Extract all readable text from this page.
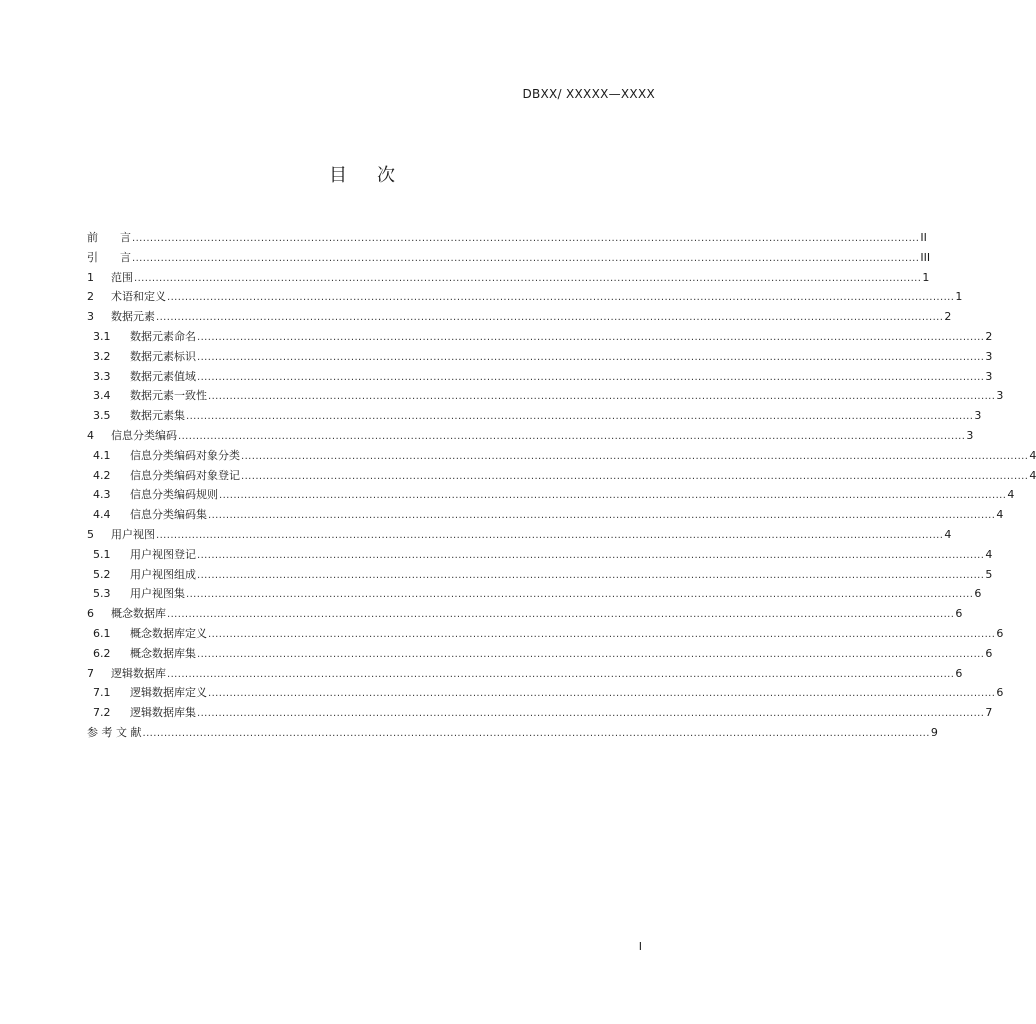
DBXX/ XXXXX—XXXX
目 次
前　　言 ............................................................................................................................................................................................................................ II
引　　言 ............................................................................................................................................................................................................................ III
1	范围 ............................................................................................................................................................................................................................ 1
2	术语和定义 ............................................................................................................................................................................................................................ 1
3	数据元素 ............................................................................................................................................................................................................................ 2
3.1	数据元素命名 ............................................................................................................................................................................................................................ 2
3.2	数据元素标识 ............................................................................................................................................................................................................................ 3
3.3	数据元素值域 ............................................................................................................................................................................................................................ 3
3.4	数据元素一致性 ............................................................................................................................................................................................................................ 3
3.5	数据元素集 ............................................................................................................................................................................................................................ 3
4	信息分类编码 ............................................................................................................................................................................................................................ 3
4.1	信息分类编码对象分类 ............................................................................................................................................................................................................................ 4
4.2	信息分类编码对象登记 ............................................................................................................................................................................................................................ 4
4.3	信息分类编码规则 ............................................................................................................................................................................................................................ 4
4.4	信息分类编码集 ............................................................................................................................................................................................................................ 4
5	用户视图 ............................................................................................................................................................................................................................ 4
5.1	用户视图登记 ............................................................................................................................................................................................................................ 4
5.2	用户视图组成 ............................................................................................................................................................................................................................ 5
5.3	用户视图集 ............................................................................................................................................................................................................................ 6
6	概念数据库 ............................................................................................................................................................................................................................ 6
6.1	概念数据库定义 ............................................................................................................................................................................................................................ 6
6.2	概念数据库集 ............................................................................................................................................................................................................................ 6
7	逻辑数据库 ............................................................................................................................................................................................................................ 6
7.1	逻辑数据库定义 ............................................................................................................................................................................................................................ 6
7.2	逻辑数据库集 ............................................................................................................................................................................................................................ 7
参 考 文 献 ............................................................................................................................................................................................................................ 9
I
